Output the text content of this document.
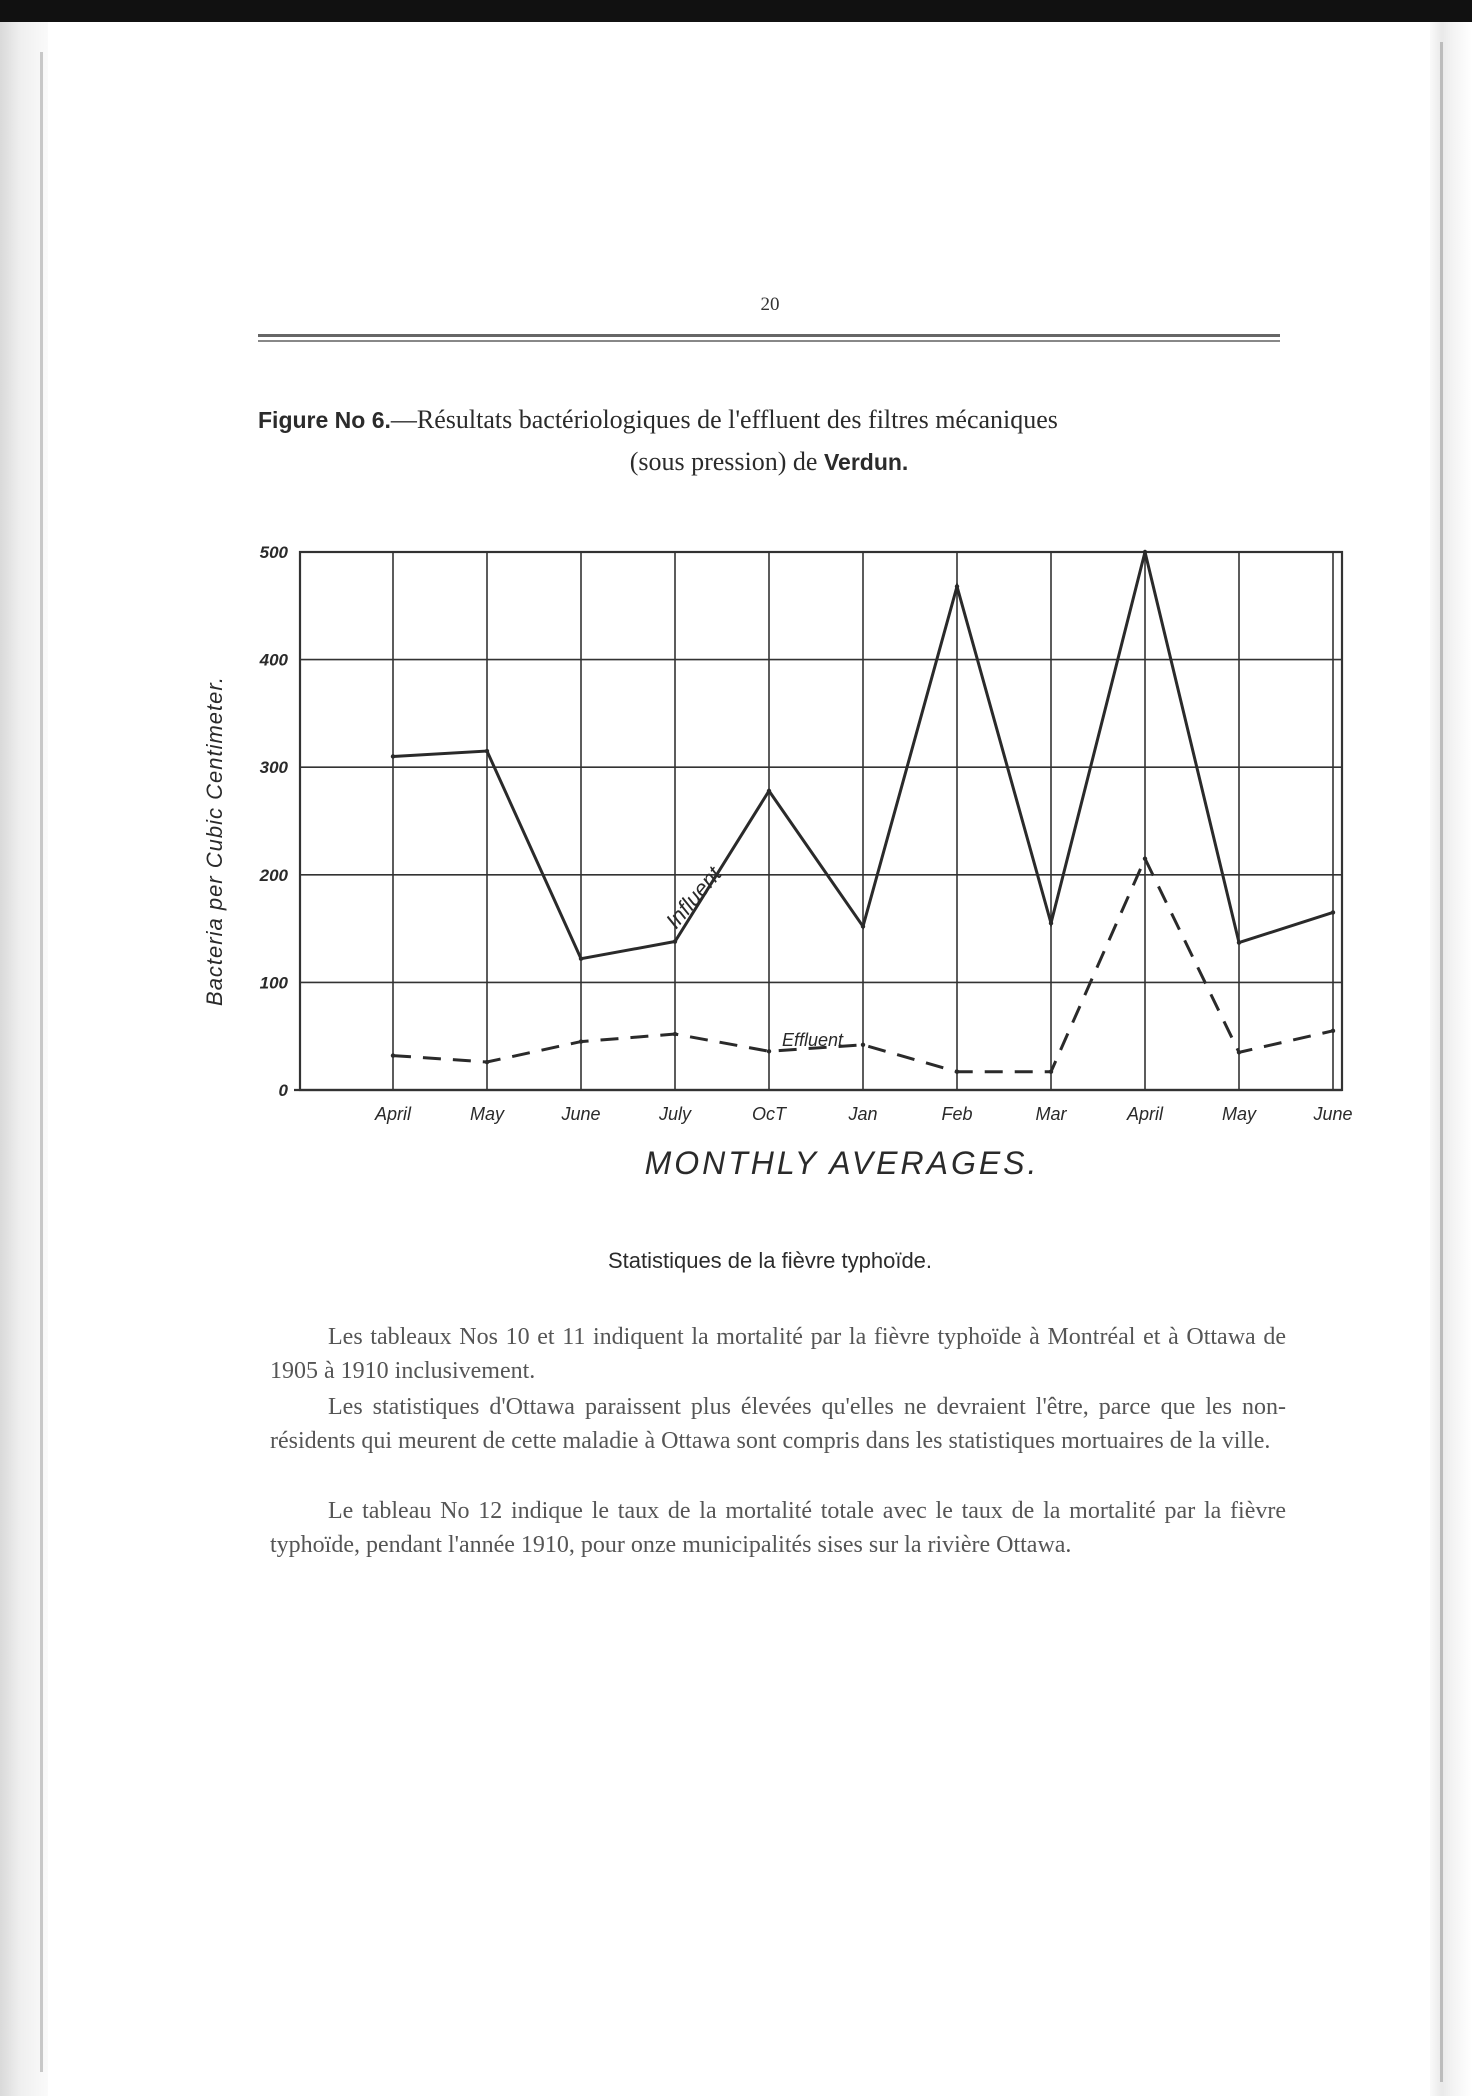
20
Figure No 6.—Résultats bactériologiques de l'effluent des filtres mécaniques
(sous pression) de Verdun.
0
100
200
300
400
500
April	May	June	July	OcT	Jan	Feb	Mar	April	May	June
Influent
Effluent
Bacteria per Cubic Centimeter.
MONTHLY AVERAGES.
Statistiques de la fièvre typhoïde.

Les tableaux Nos 10 et 11 indiquent la mortalité par la fièvre typhoïde à Montréal et à Ottawa de 1905 à 1910 inclusivement.

Les statistiques d'Ottawa paraissent plus élevées qu'elles ne devraient l'être, parce que les non-résidents qui meurent de cette maladie à Ottawa sont compris dans les statistiques mortuaires de la ville.

Le tableau No 12 indique le taux de la mortalité totale avec le taux de la mortalité par la fièvre typhoïde, pendant l'année 1910, pour onze municipalités sises sur la rivière Ottawa.
